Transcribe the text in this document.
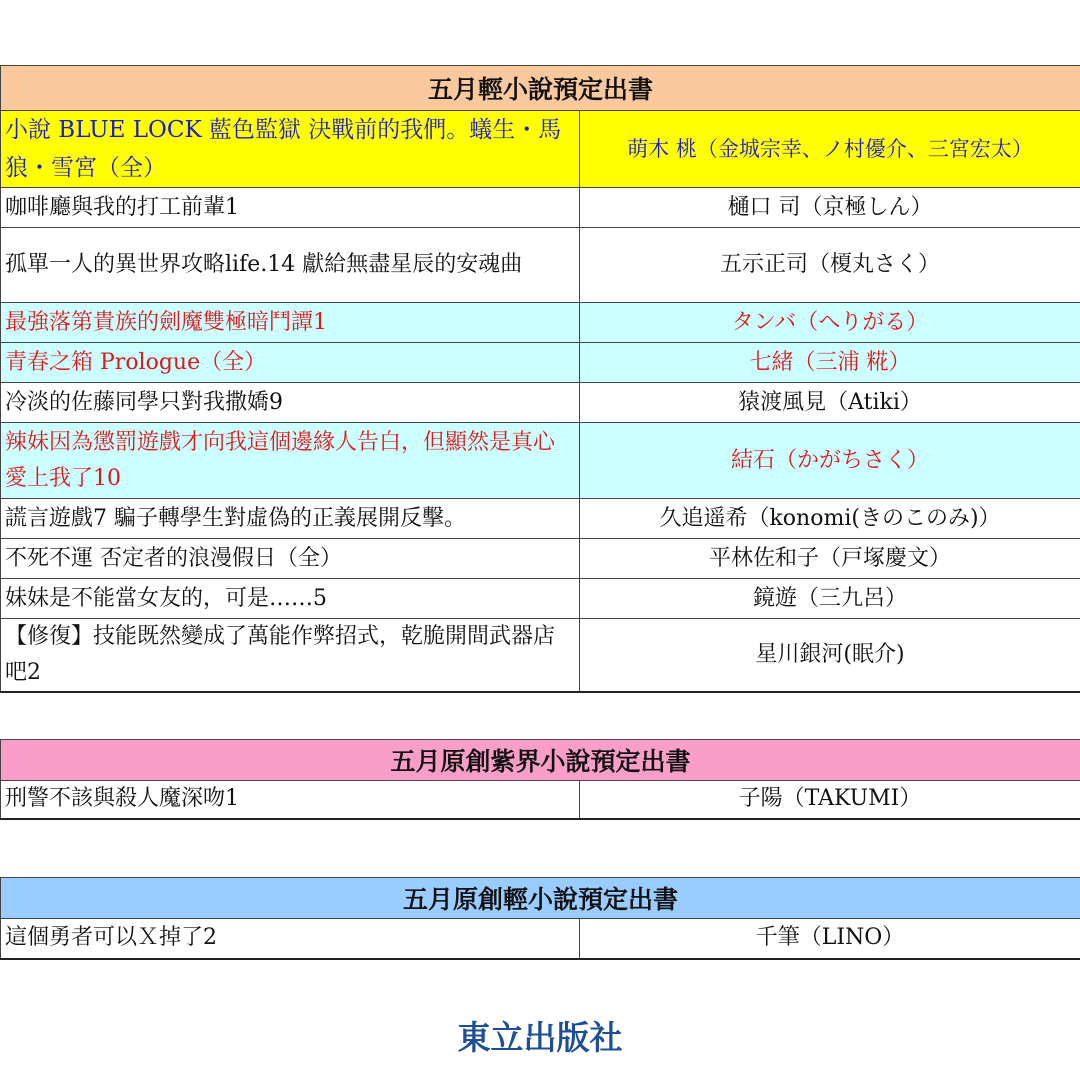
五月輕小說預定出書	
小說 BLUE LOCK 藍色監獄 決戰前的我們。蟻生・馬狼・雪宮（全）	萌木 桃（金城宗幸、ノ村優介、三宮宏太）
咖啡廳與我的打工前輩1	樋口 司（京極しん）
孤單一人的異世界攻略life.14 獻給無盡星辰的安魂曲	五示正司（榎丸さく）
最強落第貴族的劍魔雙極暗鬥譚1	タンバ（へりがる）
青春之箱 Prologue（全）	七緒（三浦 糀）
冷淡的佐藤同學只對我撒嬌9	猿渡風見（Atiki）
辣妹因為懲罰遊戲才向我這個邊緣人告白，但顯然是真心愛上我了10	結石（かがちさく）
謊言遊戲7 騙子轉學生對虛偽的正義展開反擊。	久追遥希（konomi(きのこのみ)）
不死不運 否定者的浪漫假日（全）	平林佐和子（戸塚慶文）
妹妹是不能當女友的，可是……5	鏡遊（三九呂）
【修復】技能既然變成了萬能作弊招式，乾脆開間武器店吧2	星川銀河(眠介)
五月原創紫界小說預定出書
刑警不該與殺人魔深吻1	子陽（TAKUMI）
五月原創輕小說預定出書
這個勇者可以Ｘ掉了2	千筆（LINO）
東立出版社
